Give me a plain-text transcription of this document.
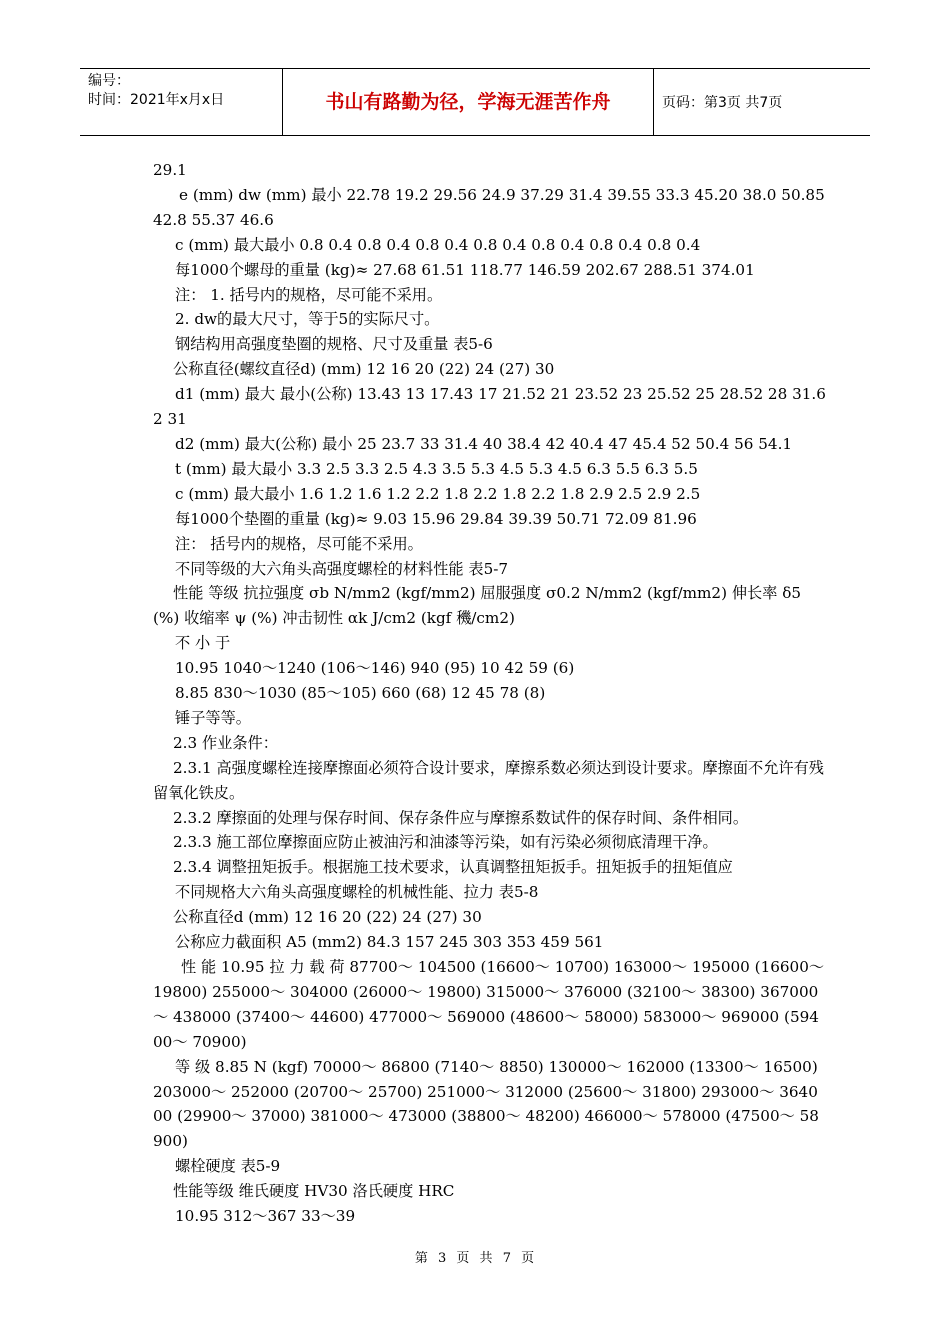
编号：
时间：2021年x月x日	书山有路勤为径，学海无涯苦作舟	页码：第3页 共7页

29.1

e (mm) dw (mm) 最小 22.78 19.2 29.56 24.9 37.29 31.4 39.55 33.3 45.20 38.0 50.85 42.8 55.37 46.6

c (mm) 最大最小 0.8 0.4 0.8 0.4 0.8 0.4 0.8 0.4 0.8 0.4 0.8 0.4 0.8 0.4

每1000个螺母的重量 (kg)≈ 27.68 61.51 118.77 146.59 202.67 288.51 374.01

注： 1. 括号内的规格，尽可能不采用。

2. dw的最大尺寸，等于5的实际尺寸。

钢结构用高强度垫圈的规格、尺寸及重量 表5-6

公称直径(螺纹直径d) (mm) 12 16 20 (22) 24 (27) 30

d1 (mm) 最大 最小(公称) 13.43 13 17.43 17 21.52 21 23.52 23 25.52 25 28.52 28 31.62 31

d2 (mm) 最大(公称) 最小 25 23.7 33 31.4 40 38.4 42 40.4 47 45.4 52 50.4 56 54.1

t (mm) 最大最小 3.3 2.5 3.3 2.5 4.3 3.5 5.3 4.5 5.3 4.5 6.3 5.5 6.3 5.5

c (mm) 最大最小 1.6 1.2 1.6 1.2 2.2 1.8 2.2 1.8 2.2 1.8 2.9 2.5 2.9 2.5

每1000个垫圈的重量 (kg)≈ 9.03 15.96 29.84 39.39 50.71 72.09 81.96

注： 括号内的规格，尽可能不采用。

不同等级的大六角头高强度螺栓的材料性能 表5-7

性能 等级 抗拉强度 σb N/mm2 (kgf/mm2) 屈服强度 σ0.2 N/mm2 (kgf/mm2) 伸长率 δ5 (%) 收缩率 ψ (%) 冲击韧性 αk J/cm2 (kgf 穖/cm2)

不 小 于

10.95 1040～1240 (106～146) 940 (95) 10 42 59 (6)

8.85 830～1030 (85～105) 660 (68) 12 45 78 (8)

锤子等等。

2.3 作业条件：

2.3.1 高强度螺栓连接摩擦面必须符合设计要求，摩擦系数必须达到设计要求。摩擦面不允许有残留氧化铁皮。

2.3.2 摩擦面的处理与保存时间、保存条件应与摩擦系数试件的保存时间、条件相同。

2.3.3 施工部位摩擦面应防止被油污和油漆等污染，如有污染必须彻底清理干净。

2.3.4 调整扭矩扳手。根据施工技术要求，认真调整扭矩扳手。扭矩扳手的扭矩值应

不同规格大六角头高强度螺栓的机械性能、拉力 表5-8

公称直径d (mm) 12 16 20 (22) 24 (27) 30

公称应力截面积 A5 (mm2) 84.3 157 245 303 353 459 561

性 能 10.95 拉 力 载 荷 87700～ 104500 (16600～ 10700) 163000～ 195000 (16600～ 19800) 255000～ 304000 (26000～ 19800) 315000～ 376000 (32100～ 38300) 367000～ 438000 (37400～ 44600) 477000～ 569000 (48600～ 58000) 583000～ 969000 (59400～ 70900)

等 级 8.85 N (kgf) 70000～ 86800 (7140～ 8850) 130000～ 162000 (13300～ 16500) 203000～ 252000 (20700～ 25700) 251000～ 312000 (25600～ 31800) 293000～ 364000 (29900～ 37000) 381000～ 473000 (38800～ 48200) 466000～ 578000 (47500～ 58900)

螺栓硬度 表5-9

性能等级 维氏硬度 HV30 洛氏硬度 HRC

10.95 312～367 33～39

第 3 页 共 7 页
